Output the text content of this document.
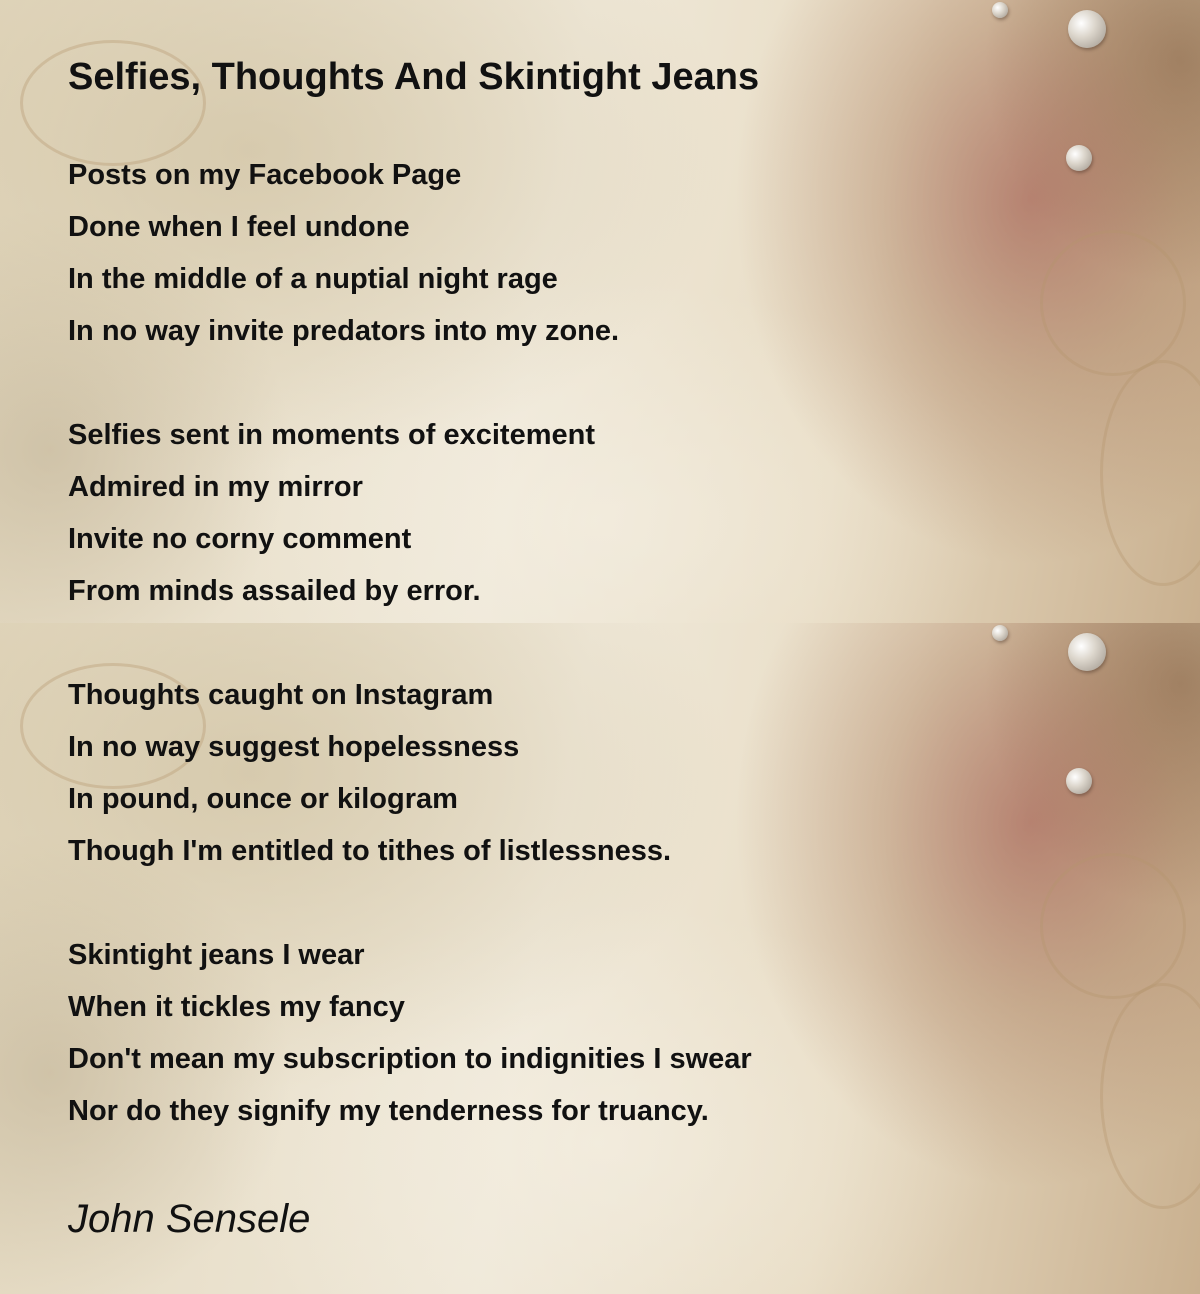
Selfies, Thoughts And Skintight Jeans
Posts on my Facebook Page
Done when I feel undone
In the middle of a nuptial night rage
In no way invite predators into my zone.
Selfies sent in moments of excitement
Admired in my mirror
Invite no corny comment
From minds assailed by error.
Thoughts caught on Instagram
In no way suggest hopelessness
In pound, ounce or kilogram
Though I'm entitled to tithes of listlessness.
Skintight jeans I wear
When it tickles my fancy
Don't mean my subscription to indignities I swear
Nor do they signify my tenderness for truancy.
John Sensele
